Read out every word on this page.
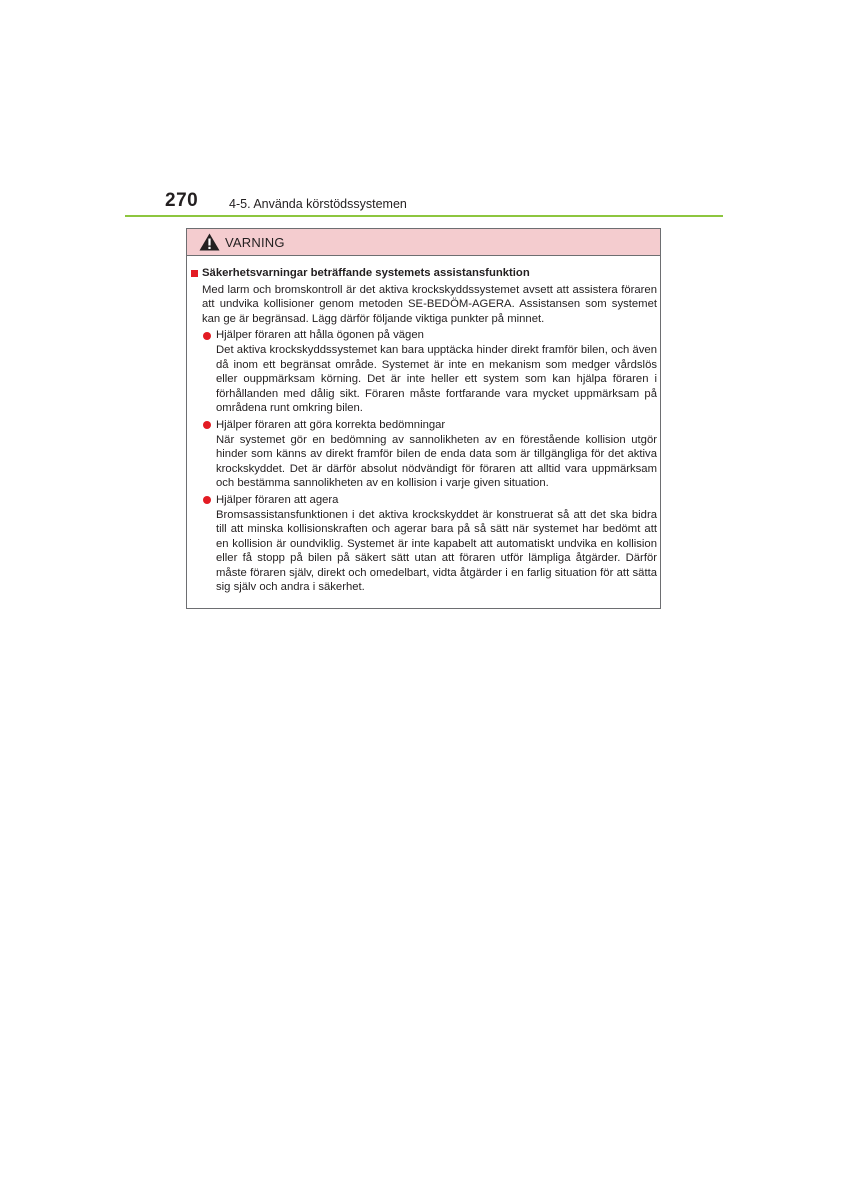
270 4-5. Använda körstödssystemen
VARNING
Säkerhetsvarningar beträffande systemets assistansfunktion
Med larm och bromskontroll är det aktiva krockskyddssystemet avsett att assistera föraren att undvika kollisioner genom metoden SE-BEDÖM-AGERA. Assistansen som systemet kan ge är begränsad. Lägg därför följande viktiga punkter på minnet.
Hjälper föraren att hålla ögonen på vägen
Det aktiva krockskyddssystemet kan bara upptäcka hinder direkt framför bilen, och även då inom ett begränsat område. Systemet är inte en mekanism som medger vårdslös eller ouppmärksam körning. Det är inte heller ett system som kan hjälpa föraren i förhållanden med dålig sikt. Föraren måste fortfarande vara mycket uppmärksam på områdena runt omkring bilen.
Hjälper föraren att göra korrekta bedömningar
När systemet gör en bedömning av sannolikheten av en förestående kollision utgör hinder som känns av direkt framför bilen de enda data som är tillgängliga för det aktiva krockskyddet. Det är därför absolut nödvändigt för föraren att alltid vara uppmärksam och bestämma sannolikheten av en kollision i varje given situation.
Hjälper föraren att agera
Bromsassistansfunktionen i det aktiva krockskyddet är konstruerat så att det ska bidra till att minska kollisionskraften och agerar bara på så sätt när systemet har bedömt att en kollision är oundviklig. Systemet är inte kapabelt att automatiskt undvika en kollision eller få stopp på bilen på säkert sätt utan att föraren utför lämpliga åtgärder. Därför måste föraren själv, direkt och omedelbart, vidta åtgärder i en farlig situation för att sätta sig själv och andra i säkerhet.
